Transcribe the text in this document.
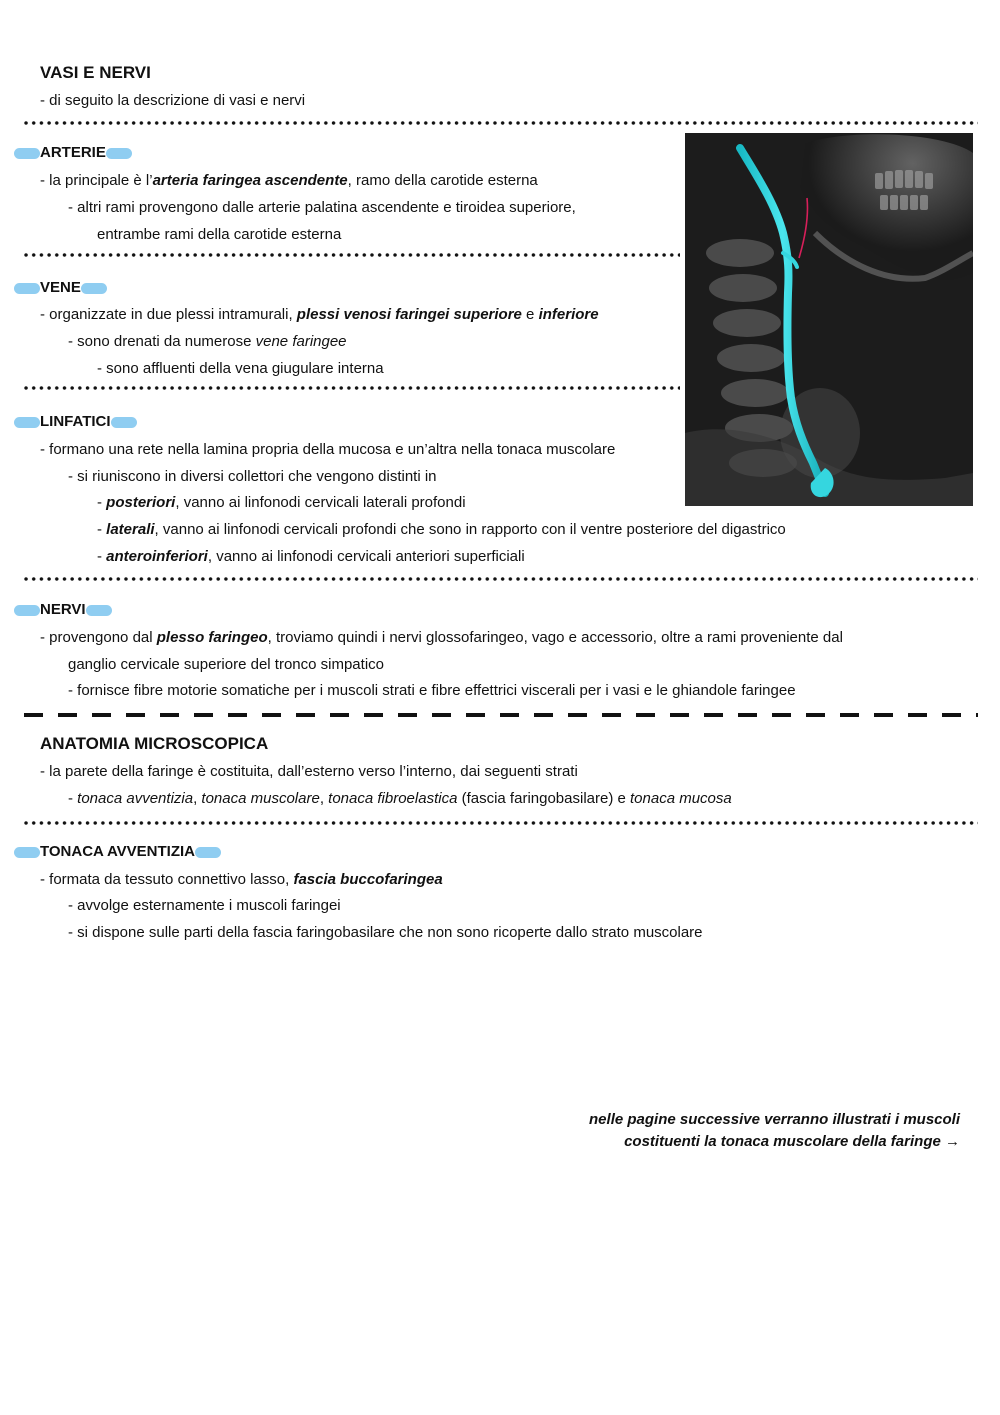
VASI E NERVI
- di seguito la descrizione di vasi e nervi
ARTERIE
- la principale è l’arteria faringea ascendente, ramo della carotide esterna
- altri rami provengono dalle arterie palatina ascendente e tiroidea superiore,
entrambe rami della carotide esterna
VENE
- organizzate in due plessi intramurali, plessi venosi faringei superiore e inferiore
- sono drenati da numerose vene faringee
- sono affluenti della vena giugulare interna
LINFATICI
- formano una rete nella lamina propria della mucosa e un’altra nella tonaca muscolare
- si riuniscono in diversi collettori che vengono distinti in
- posteriori, vanno ai linfonodi cervicali laterali profondi
- laterali, vanno ai linfonodi cervicali profondi che sono in rapporto con il ventre posteriore del digastrico
- anteroinferiori, vanno ai linfonodi cervicali anteriori superficiali
NERVI
- provengono dal plesso faringeo, troviamo quindi i nervi glossofaringeo, vago e accessorio, oltre a rami proveniente dal
ganglio cervicale superiore del tronco simpatico
- fornisce fibre motorie somatiche per i muscoli strati e fibre effettrici viscerali per i vasi e le ghiandole faringee
ANATOMIA MICROSCOPICA
- la parete della faringe è costituita, dall’esterno verso l’interno, dai seguenti strati
- tonaca avventizia, tonaca muscolare, tonaca fibroelastica (fascia faringobasilare) e tonaca mucosa
TONACA AVVENTIZIA
- formata da tessuto connettivo lasso, fascia buccofaringea
- avvolge esternamente i muscoli faringei
- si dispone sulle parti della fascia faringobasilare che non sono ricoperte dallo strato muscolare
nelle pagine successive verranno illustrati i muscoli
costituenti la tonaca muscolare della faringe →
